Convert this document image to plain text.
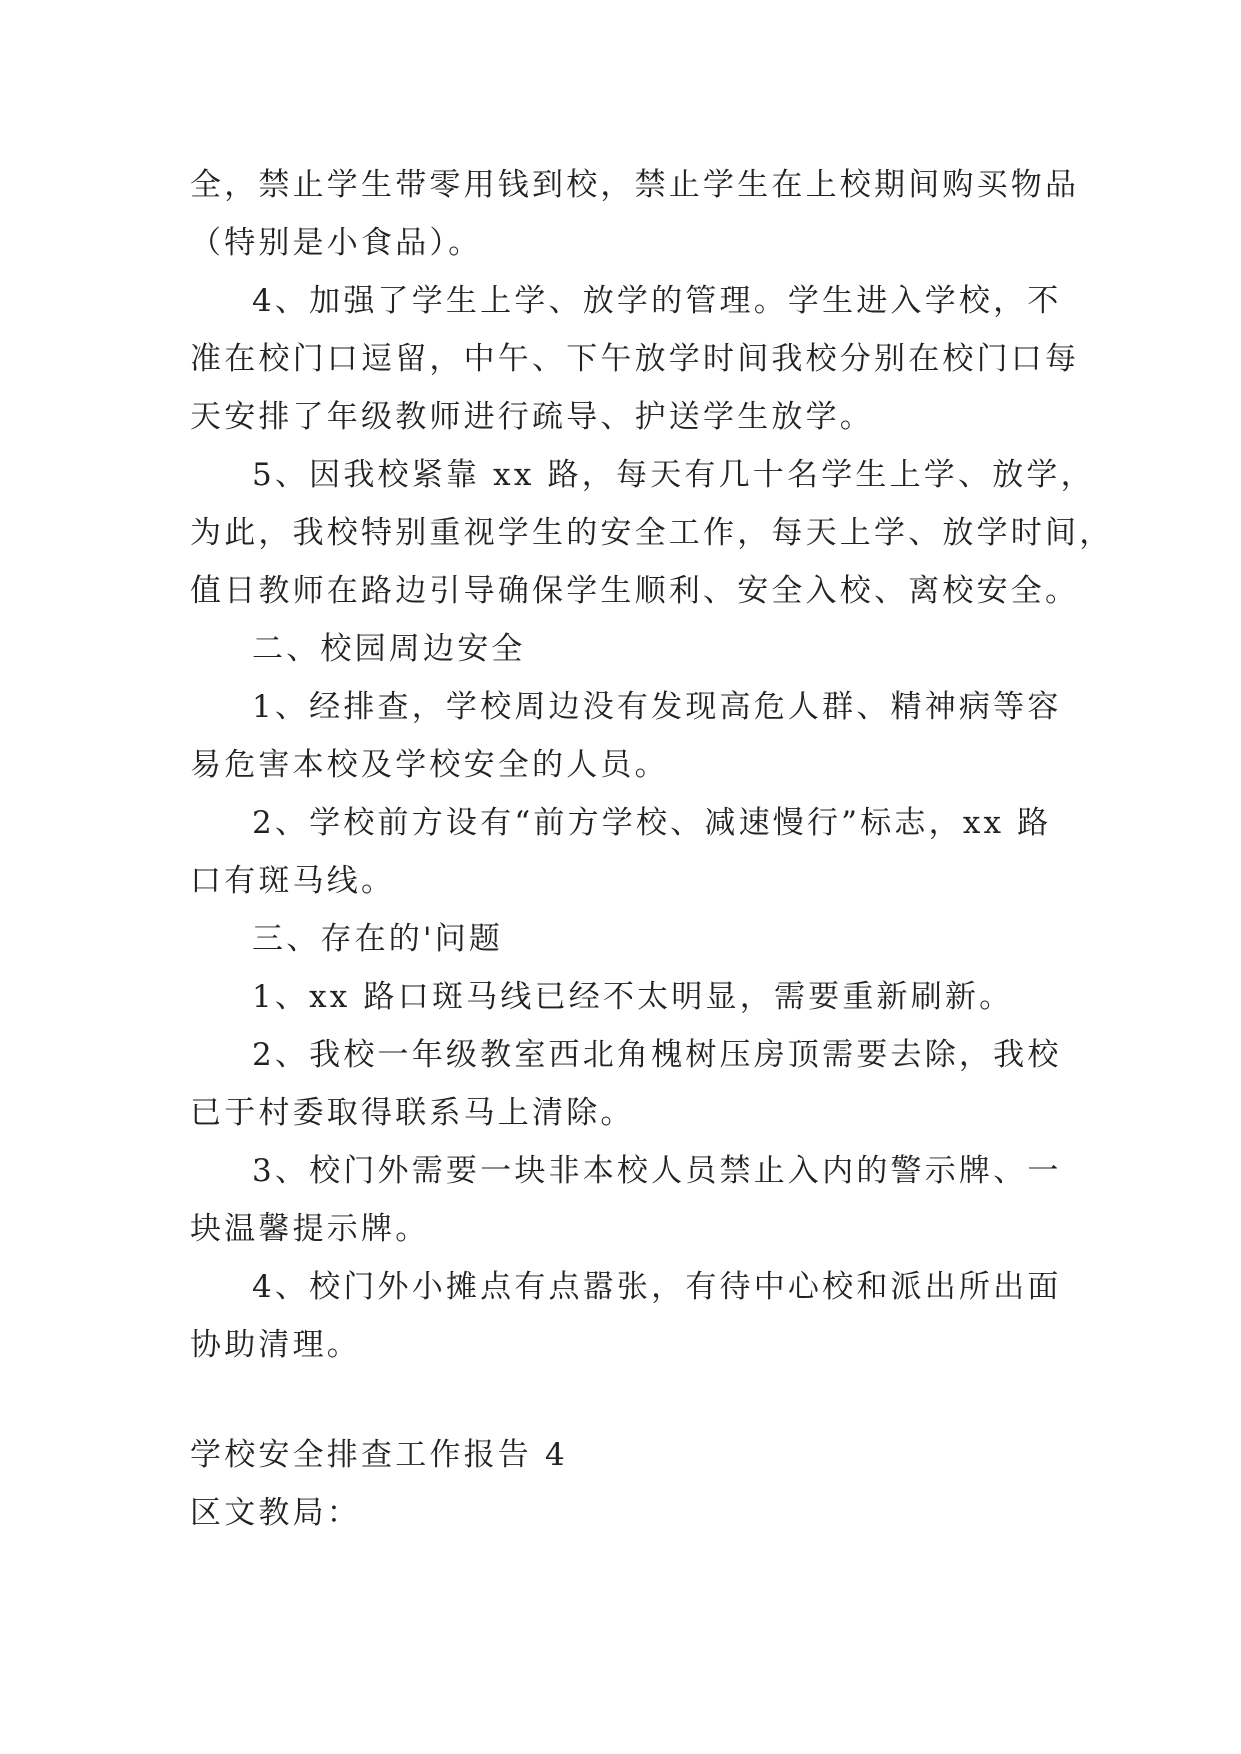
全，禁止学生带零用钱到校，禁止学生在上校期间购买物品
（特别是小食品）。
4、加强了学生上学、放学的管理。学生进入学校，不
准在校门口逗留，中午、下午放学时间我校分别在校门口每
天安排了年级教师进行疏导、护送学生放学。
5、因我校紧靠 xx 路，每天有几十名学生上学、放学，
为此，我校特别重视学生的安全工作，每天上学、放学时间，
值日教师在路边引导确保学生顺利、安全入校、离校安全。
二、校园周边安全
1、经排查，学校周边没有发现高危人群、精神病等容
易危害本校及学校安全的人员。
2、学校前方设有“前方学校、减速慢行”标志，xx 路
口有斑马线。
三、存在的'问题
1、xx 路口斑马线已经不太明显，需要重新刷新。
2、我校一年级教室西北角槐树压房顶需要去除，我校
已于村委取得联系马上清除。
3、校门外需要一块非本校人员禁止入内的警示牌、一
块温馨提示牌。
4、校门外小摊点有点嚣张，有待中心校和派出所出面
协助清理。
学校安全排查工作报告 4
区文教局：
